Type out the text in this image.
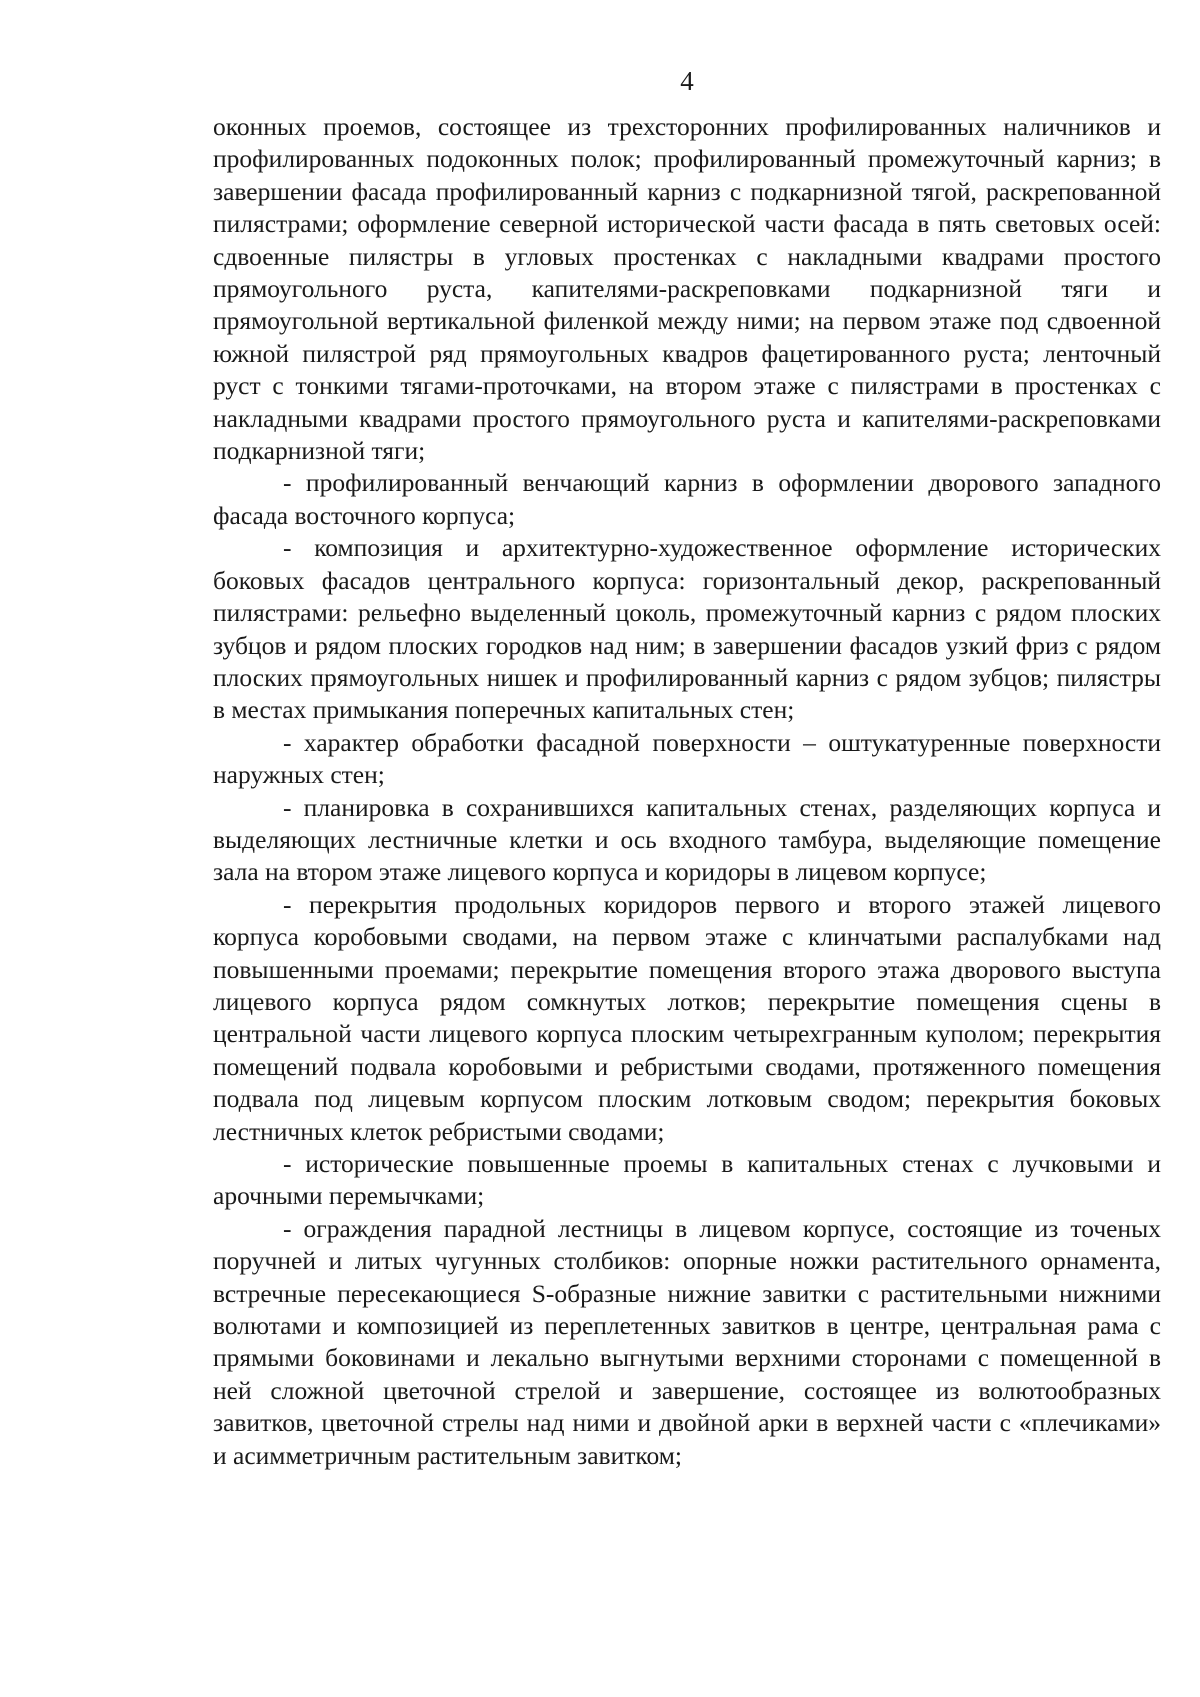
4

оконных проемов, состоящее из трехсторонних профилированных наличников и профилированных подоконных полок; профилированный промежуточный карниз; в завершении фасада профилированный карниз с подкарнизной тягой, раскрепованной пилястрами; оформление северной исторической части фасада в пять световых осей: сдвоенные пилястры в угловых простенках с накладными квадрами простого прямоугольного руста, капителями-раскреповками подкарнизной тяги и прямоугольной вертикальной филенкой между ними; на первом этаже под сдвоенной южной пилястрой ряд прямоугольных квадров фацетированного руста; ленточный руст с тонкими тягами-проточками, на втором этаже с пилястрами в простенках с накладными квадрами простого прямоугольного руста и капителями-раскреповками подкарнизной тяги;

- профилированный венчающий карниз в оформлении дворового западного фасада восточного корпуса;

- композиция и архитектурно-художественное оформление исторических боковых фасадов центрального корпуса: горизонтальный декор, раскрепованный пилястрами: рельефно выделенный цоколь, промежуточный карниз с рядом плоских зубцов и рядом плоских городков над ним; в завершении фасадов узкий фриз с рядом плоских прямоугольных нишек и профилированный карниз с рядом зубцов; пилястры в местах примыкания поперечных капитальных стен;

- характер обработки фасадной поверхности – оштукатуренные поверхности наружных стен;

- планировка в сохранившихся капитальных стенах, разделяющих корпуса и выделяющих лестничные клетки и ось входного тамбура, выделяющие помещение зала на втором этаже лицевого корпуса и коридоры в лицевом корпусе;

- перекрытия продольных коридоров первого и второго этажей лицевого корпуса коробовыми сводами, на первом этаже с клинчатыми распалубками над повышенными проемами; перекрытие помещения второго этажа дворового выступа лицевого корпуса рядом сомкнутых лотков; перекрытие помещения сцены в центральной части лицевого корпуса плоским четырехгранным куполом; перекрытия помещений подвала коробовыми и ребристыми сводами, протяженного помещения подвала под лицевым корпусом плоским лотковым сводом; перекрытия боковых лестничных клеток ребристыми сводами;

- исторические повышенные проемы в капитальных стенах с лучковыми и арочными перемычками;

- ограждения парадной лестницы в лицевом корпусе, состоящие из точеных поручней и литых чугунных столбиков: опорные ножки растительного орнамента, встречные пересекающиеся S-образные нижние завитки с растительными нижними волютами и композицией из переплетенных завитков в центре, центральная рама с прямыми боковинами и лекально выгнутыми верхними сторонами с помещенной в ней сложной цветочной стрелой и завершение, состоящее из волютообразных завитков, цветочной стрелы над ними и двойной арки в верхней части с «плечиками» и асимметричным растительным завитком;
